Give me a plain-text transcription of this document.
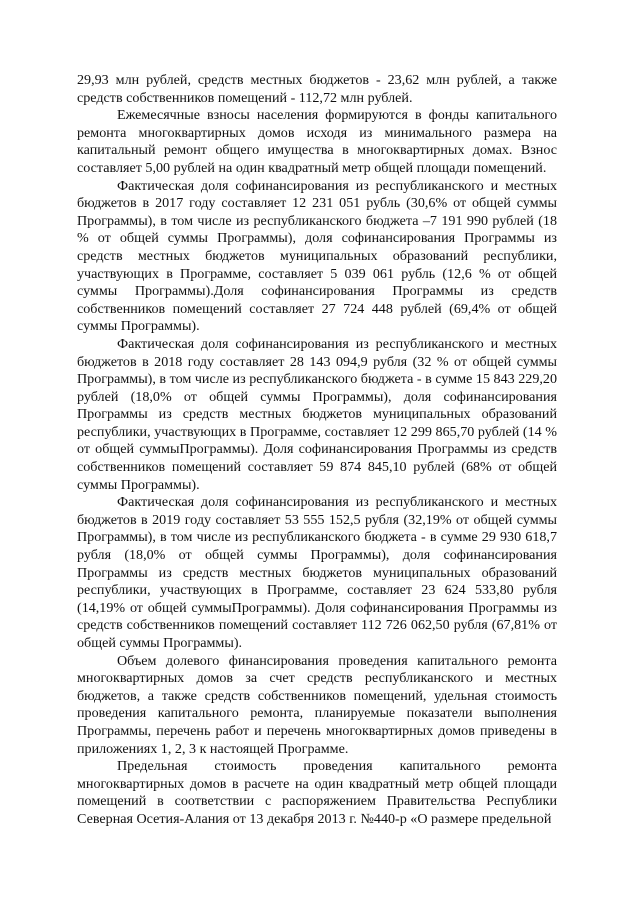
29,93 млн рублей, средств местных бюджетов - 23,62 млн рублей, а также средств собственников помещений - 112,72 млн рублей.

Ежемесячные взносы населения формируются в фонды капитального ремонта многоквартирных домов исходя из минимального размера на капитальный ремонт общего имущества в многоквартирных домах. Взнос составляет 5,00 рублей на один квадратный метр общей площади помещений.

Фактическая доля софинансирования из республиканского и местных бюджетов в 2017 году составляет 12 231 051 рубль (30,6% от общей суммы Программы), в том числе из республиканского бюджета –7 191 990 рублей (18 % от общей суммы Программы), доля софинансирования Программы из средств местных бюджетов муниципальных образований республики, участвующих в Программе, составляет 5 039 061 рубль (12,6 % от общей суммы Программы).Доля софинансирования Программы из средств собственников помещений составляет 27 724 448 рублей (69,4% от общей суммы Программы).

Фактическая доля софинансирования из республиканского и местных бюджетов в 2018 году составляет 28 143 094,9 рубля (32 % от общей суммы Программы), в том числе из республиканского бюджета - в сумме 15 843 229,20 рублей (18,0% от общей суммы Программы), доля софинансирования Программы из средств местных бюджетов муниципальных образований республики, участвующих в Программе, составляет 12 299 865,70 рублей (14 % от общей суммыПрограммы). Доля софинансирования Программы из средств собственников помещений составляет 59 874 845,10 рублей (68% от общей суммы Программы).

Фактическая доля софинансирования из республиканского и местных бюджетов в 2019 году составляет 53 555 152,5 рубля (32,19% от общей суммы Программы), в том числе из республиканского бюджета - в сумме 29 930 618,7 рубля (18,0% от общей суммы Программы), доля софинансирования Программы из средств местных бюджетов муниципальных образований республики, участвующих в Программе, составляет 23 624 533,80 рубля (14,19% от общей суммыПрограммы). Доля софинансирования Программы из средств собственников помещений составляет 112 726 062,50 рубля (67,81% от общей суммы Программы).

Объем долевого финансирования проведения капитального ремонта многоквартирных домов за счет средств республиканского и местных бюджетов, а также средств собственников помещений, удельная стоимость проведения капитального ремонта, планируемые показатели выполнения Программы, перечень работ и перечень многоквартирных домов приведены в приложениях 1, 2, 3 к настоящей Программе.

Предельная стоимость проведения капитального ремонта многоквартирных домов в расчете на один квадратный метр общей площади помещений в соответствии с распоряжением Правительства Республики Северная Осетия-Алания от 13 декабря 2013 г. №440-р «О размере предельной
